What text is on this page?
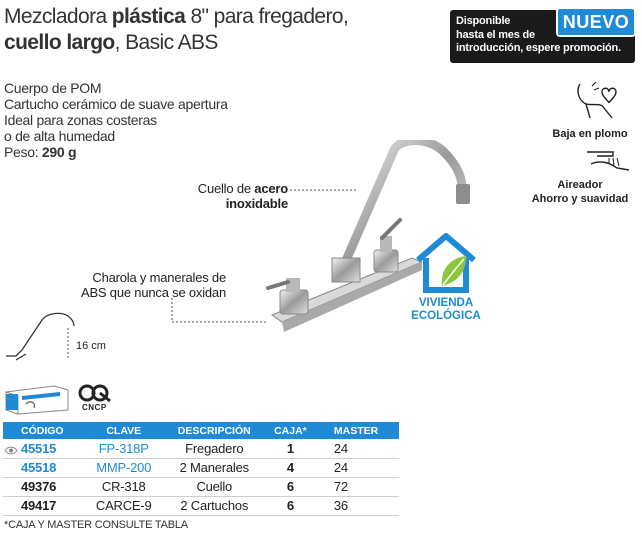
Mezcladora plástica 8" para fregadero, cuello largo, Basic ABS
Cuerpo de POM
Cartucho cerámico de suave apertura
Ideal para zonas costeras
o de alta humedad
Peso: 290 g
Disponible
hasta el mes de
introducción, espere promoción.
NUEVO
Baja en plomo
Aireador
Ahorro y suavidad
Cuello de acero
inoxidable
Charola y manerales de
ABS que nunca se oxidan
VIVIENDA
ECOLÓGICA
16 cm
CNCP
CÓDIGO	CLAVE	DESCRIPCIÓN	CAJA*	MASTER
45515	FP-318P	Fregadero	1	24
45518	MMP-200	2 Manerales	4	24
49376	CR-318	Cuello	6	72
49417	CARCE-9	2 Cartuchos	6	36
*CAJA Y MASTER CONSULTE TABLA
